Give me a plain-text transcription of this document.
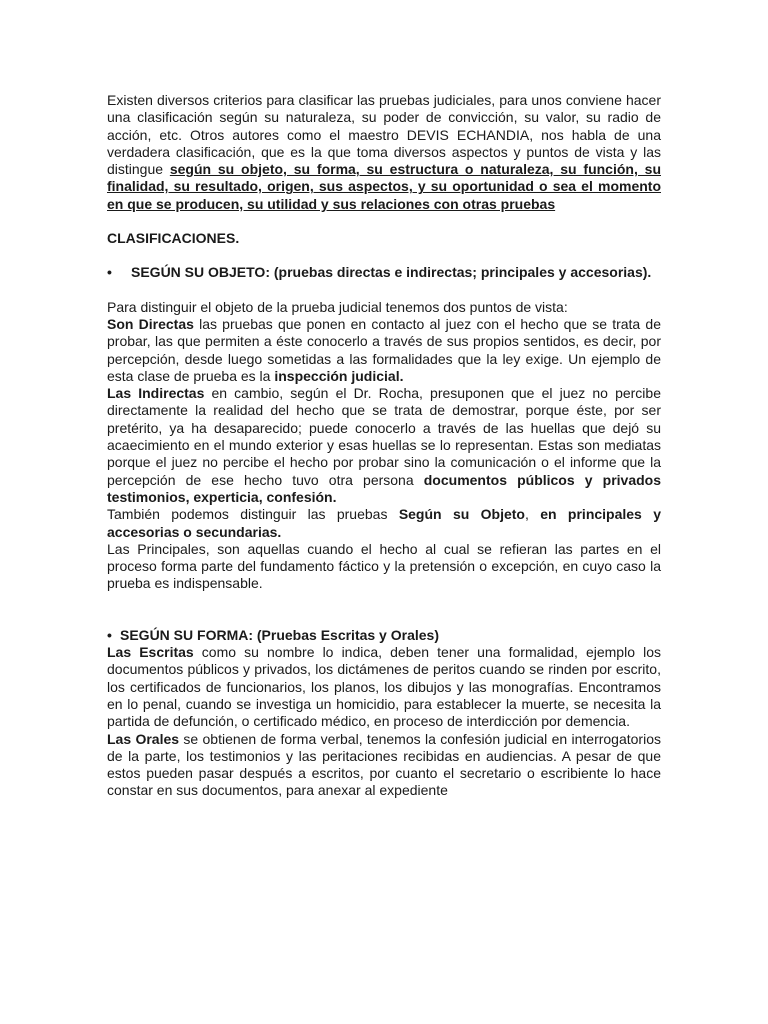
Existen diversos criterios para clasificar las pruebas judiciales, para unos conviene hacer una clasificación según su naturaleza, su poder de convicción, su valor, su radio de acción, etc. Otros autores como el maestro DEVIS ECHANDIA, nos habla de una verdadera clasificación, que es la que toma diversos aspectos y puntos de vista y las distingue según su objeto, su forma, su estructura o naturaleza, su función, su finalidad, su resultado, origen, sus aspectos, y su oportunidad o sea el momento en que se producen, su utilidad y sus relaciones con otras pruebas

CLASIFICACIONES.

• SEGÚN SU OBJETO: (pruebas directas e indirectas; principales y accesorias).

Para distinguir el objeto de la prueba judicial tenemos dos puntos de vista:

Son Directas las pruebas que ponen en contacto al juez con el hecho que se trata de probar, las que permiten a éste conocerlo a través de sus propios sentidos, es decir, por percepción, desde luego sometidas a las formalidades que la ley exige. Un ejemplo de esta clase de prueba es la inspección judicial.

Las Indirectas en cambio, según el Dr. Rocha, presuponen que el juez no percibe directamente la realidad del hecho que se trata de demostrar, porque éste, por ser pretérito, ya ha desaparecido; puede conocerlo a través de las huellas que dejó su acaecimiento en el mundo exterior y esas huellas se lo representan. Estas son mediatas porque el juez no percibe el hecho por probar sino la comunicación o el informe que la percepción de ese hecho tuvo otra persona documentos públicos y privados testimonios, experticia, confesión.

También podemos distinguir las pruebas Según su Objeto, en principales y accesorias o secundarias.

Las Principales, son aquellas cuando el hecho al cual se refieran las partes en el proceso forma parte del fundamento fáctico y la pretensión o excepción, en cuyo caso la prueba es indispensable.

• SEGÚN SU FORMA: (Pruebas Escritas y Orales)

Las Escritas como su nombre lo indica, deben tener una formalidad, ejemplo los documentos públicos y privados, los dictámenes de peritos cuando se rinden por escrito, los certificados de funcionarios, los planos, los dibujos y las monografías. Encontramos en lo penal, cuando se investiga un homicidio, para establecer la muerte, se necesita la partida de defunción, o certificado médico, en proceso de interdicción por demencia.

Las Orales se obtienen de forma verbal, tenemos la confesión judicial en interrogatorios de la parte, los testimonios y las peritaciones recibidas en audiencias. A pesar de que estos pueden pasar después a escritos, por cuanto el secretario o escribiente lo hace constar en sus documentos, para anexar al expediente
